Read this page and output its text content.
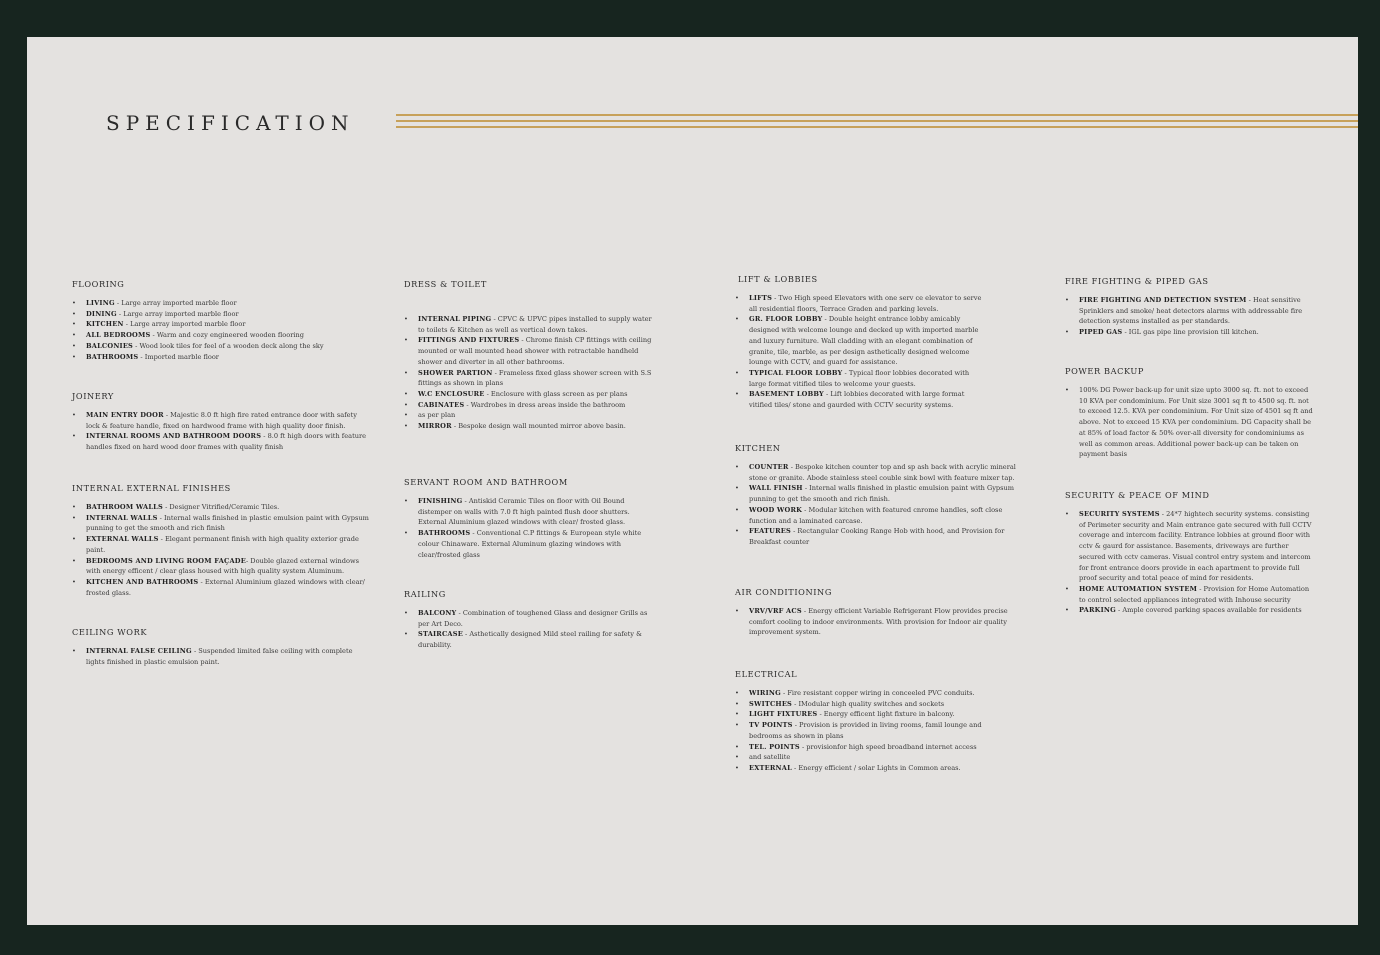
SPECIFICATION
FLOORING
• LIVING - Large array imported marble floor
• DINING - Large array imported marble floor
• KITCHEN - Large array imported marble floor
• ALL BEDROOMS - Warm and cozy engineered wooden flooring
• BALCONIES - Wood look tiles for feel of a wooden deck along the sky
• BATHROOMS - Imported marble floor
JOINERY
• MAIN ENTRY DOOR - Majestic 8.0 ft high fire rated entrance door with safety lock & feature handle, fixed on hardwood frame with high quality door finish.
• INTERNAL ROOMS AND BATHROOM DOORS - 8.0 ft high doors with feature handles fixed on hard wood door frames with quality finish
INTERNAL EXTERNAL FINISHES
• BATHROOM WALLS - Designer Vitrified/Ceramic Tiles.
• INTERNAL WALLS - Internal walls finished in plastic emulsion paint with Gypsum punning to get the smooth and rich finish
• EXTERNAL WALLS - Elegant permanent finish with high quality exterior grade paint.
• BEDROOMS AND LIVING ROOM FAÇADE- Double glazed external windows with energy efficent / clear glass housed with high quality system Aluminum.
• KITCHEN AND BATHROOMS - External Aluminium glazed windows with clear/ frosted glass.
CEILING WORK
• INTERNAL FALSE CEILING - Suspended limited false ceiling with complete lights finished in plastic emulsion paint.
DRESS & TOILET
• INTERNAL PIPING - CPVC & UPVC pipes installed to supply water to toilets & Kitchen as well as vertical down takes.
• FITTINGS AND FIXTURES - Chrome finish CP fittings with ceiling mounted or wall mounted head shower with retractable handheld shower and diverter in all other bathrooms.
• SHOWER PARTION - Frameless fixed glass shower screen with S.S fittings as shown in plans
• W.C ENCLOSURE - Enclosure with glass screen as per plans
• CABINATES - Wardrobes in dress areas inside the bathroom
• as per plan
• MIRROR - Bespoke design wall mounted mirror above basin.
SERVANT ROOM AND BATHROOM
• FINISHING - Antiskid Ceramic Tiles on floor with Oil Bound distemper on walls with 7.0 ft high painted flush door shutters. External Aluminium glazed windows with clear/ frosted glass.
• BATHROOMS - Conventional C.P fittings & European style white colour Chinaware. External Aluminum glazing windows with clear/frosted glass
RAILING
• BALCONY - Combination of toughened Glass and designer Grills as per Art Deco.
• STAIRCASE - Asthetically designed Mild steel railing for safety & durability.
LIFT & LOBBIES
• LIFTS - Two High speed Elevators with one serv ce elevator to serve all residential floors, Terrace Graden and parking levels.
• GR. FLOOR LOBBY - Double height entrance lobby amicably designed with welcome lounge and decked up with imported marble and luxury furniture. Wall cladding with an elegant combination of granite, tile, marble, as per design asthetically designed welcome lounge with CCTV, and guard for assistance.
• TYPICAL FLOOR LOBBY - Typical floor lobbies decorated with large format vitified tiles to welcome your guests.
• BASEMENT LOBBY - Lift lobbies decorated with large format vitified tiles/ stone and gaurded with CCTV security systems.
KITCHEN
• COUNTER - Bespoke kitchen counter top and sp ash back with acrylic mineral stone or granite. Abode stainless steel couble sink bowl with feature mixer tap.
• WALL FINISH - Internal walls finished in plastic emulsion paint with Gypsum punning to get the smooth and rich finish.
• WOOD WORK - Modular kitchen with featured cnrome handles, soft close function and a laminated carcase.
• FEATURES - Rectangular Cooking Range Hob with hood, and Provision for Breakfast counter
AIR CONDITIONING
• VRV/VRF ACS - Energy efficient Variable Refrigerant Flow provides precise comfort cooling to indoor environments. With provision for Indoor air quality improvement system.
ELECTRICAL
• WIRING - Fire resistant copper wiring in conceeled PVC conduits.
• SWITCHES - IModular high quality switches and sockets
• LIGHT FIXTURES - Energy efficent light fixture in balcony.
• TV POINTS - Provision is provided in living rooms, famil lounge and bedrooms as shown in plans
• TEL. POINTS - provisionfor high speed broadband internet access
• and satellite
• EXTERNAL - Energy efficient / solar Lights in Common areas.
FIRE FIGHTING & PIPED GAS
• FIRE FIGHTING AND DETECTION SYSTEM - Heat sensitive Sprinklers and smoke/ heat detectors alarms with addressable fire detection systems installed as per standards.
• PIPED GAS - IGL gas pipe line provision till kitchen.
POWER BACKUP
• 100% DG Power back-up for unit size upto 3000 sq. ft. not to exceed 10 KVA per condominium. For Unit size 3001 sq ft to 4500 sq. ft. not to exceed 12.5. KVA per condominium. For Unit size of 4501 sq ft and above. Not to exceed 15 KVA per condominium. DG Capacity shall be at 85% of load factor & 50% over-all diversity for condominiums as well as common areas. Additional power back-up can be taken on payment basis
SECURITY & PEACE OF MIND
• SECURITY SYSTEMS - 24*7 hightech security systems. consisting of Perimeter security and Main entrance gate secured with full CCTV coverage and intercom facility. Entrance lobbies at ground floor with cctv & gaurd for assistance. Basements, driveways are further secured with cctv cameras. Visual control entry system and intercom for front entrance doors provide in each apartment to provide full proof security and total peace of mind for residents.
• HOME AUTOMATION SYSTEM - Provision for Home Automation to control selected appliances integrated with Inhouse security
• PARKING - Ample covered parking spaces available for residents
